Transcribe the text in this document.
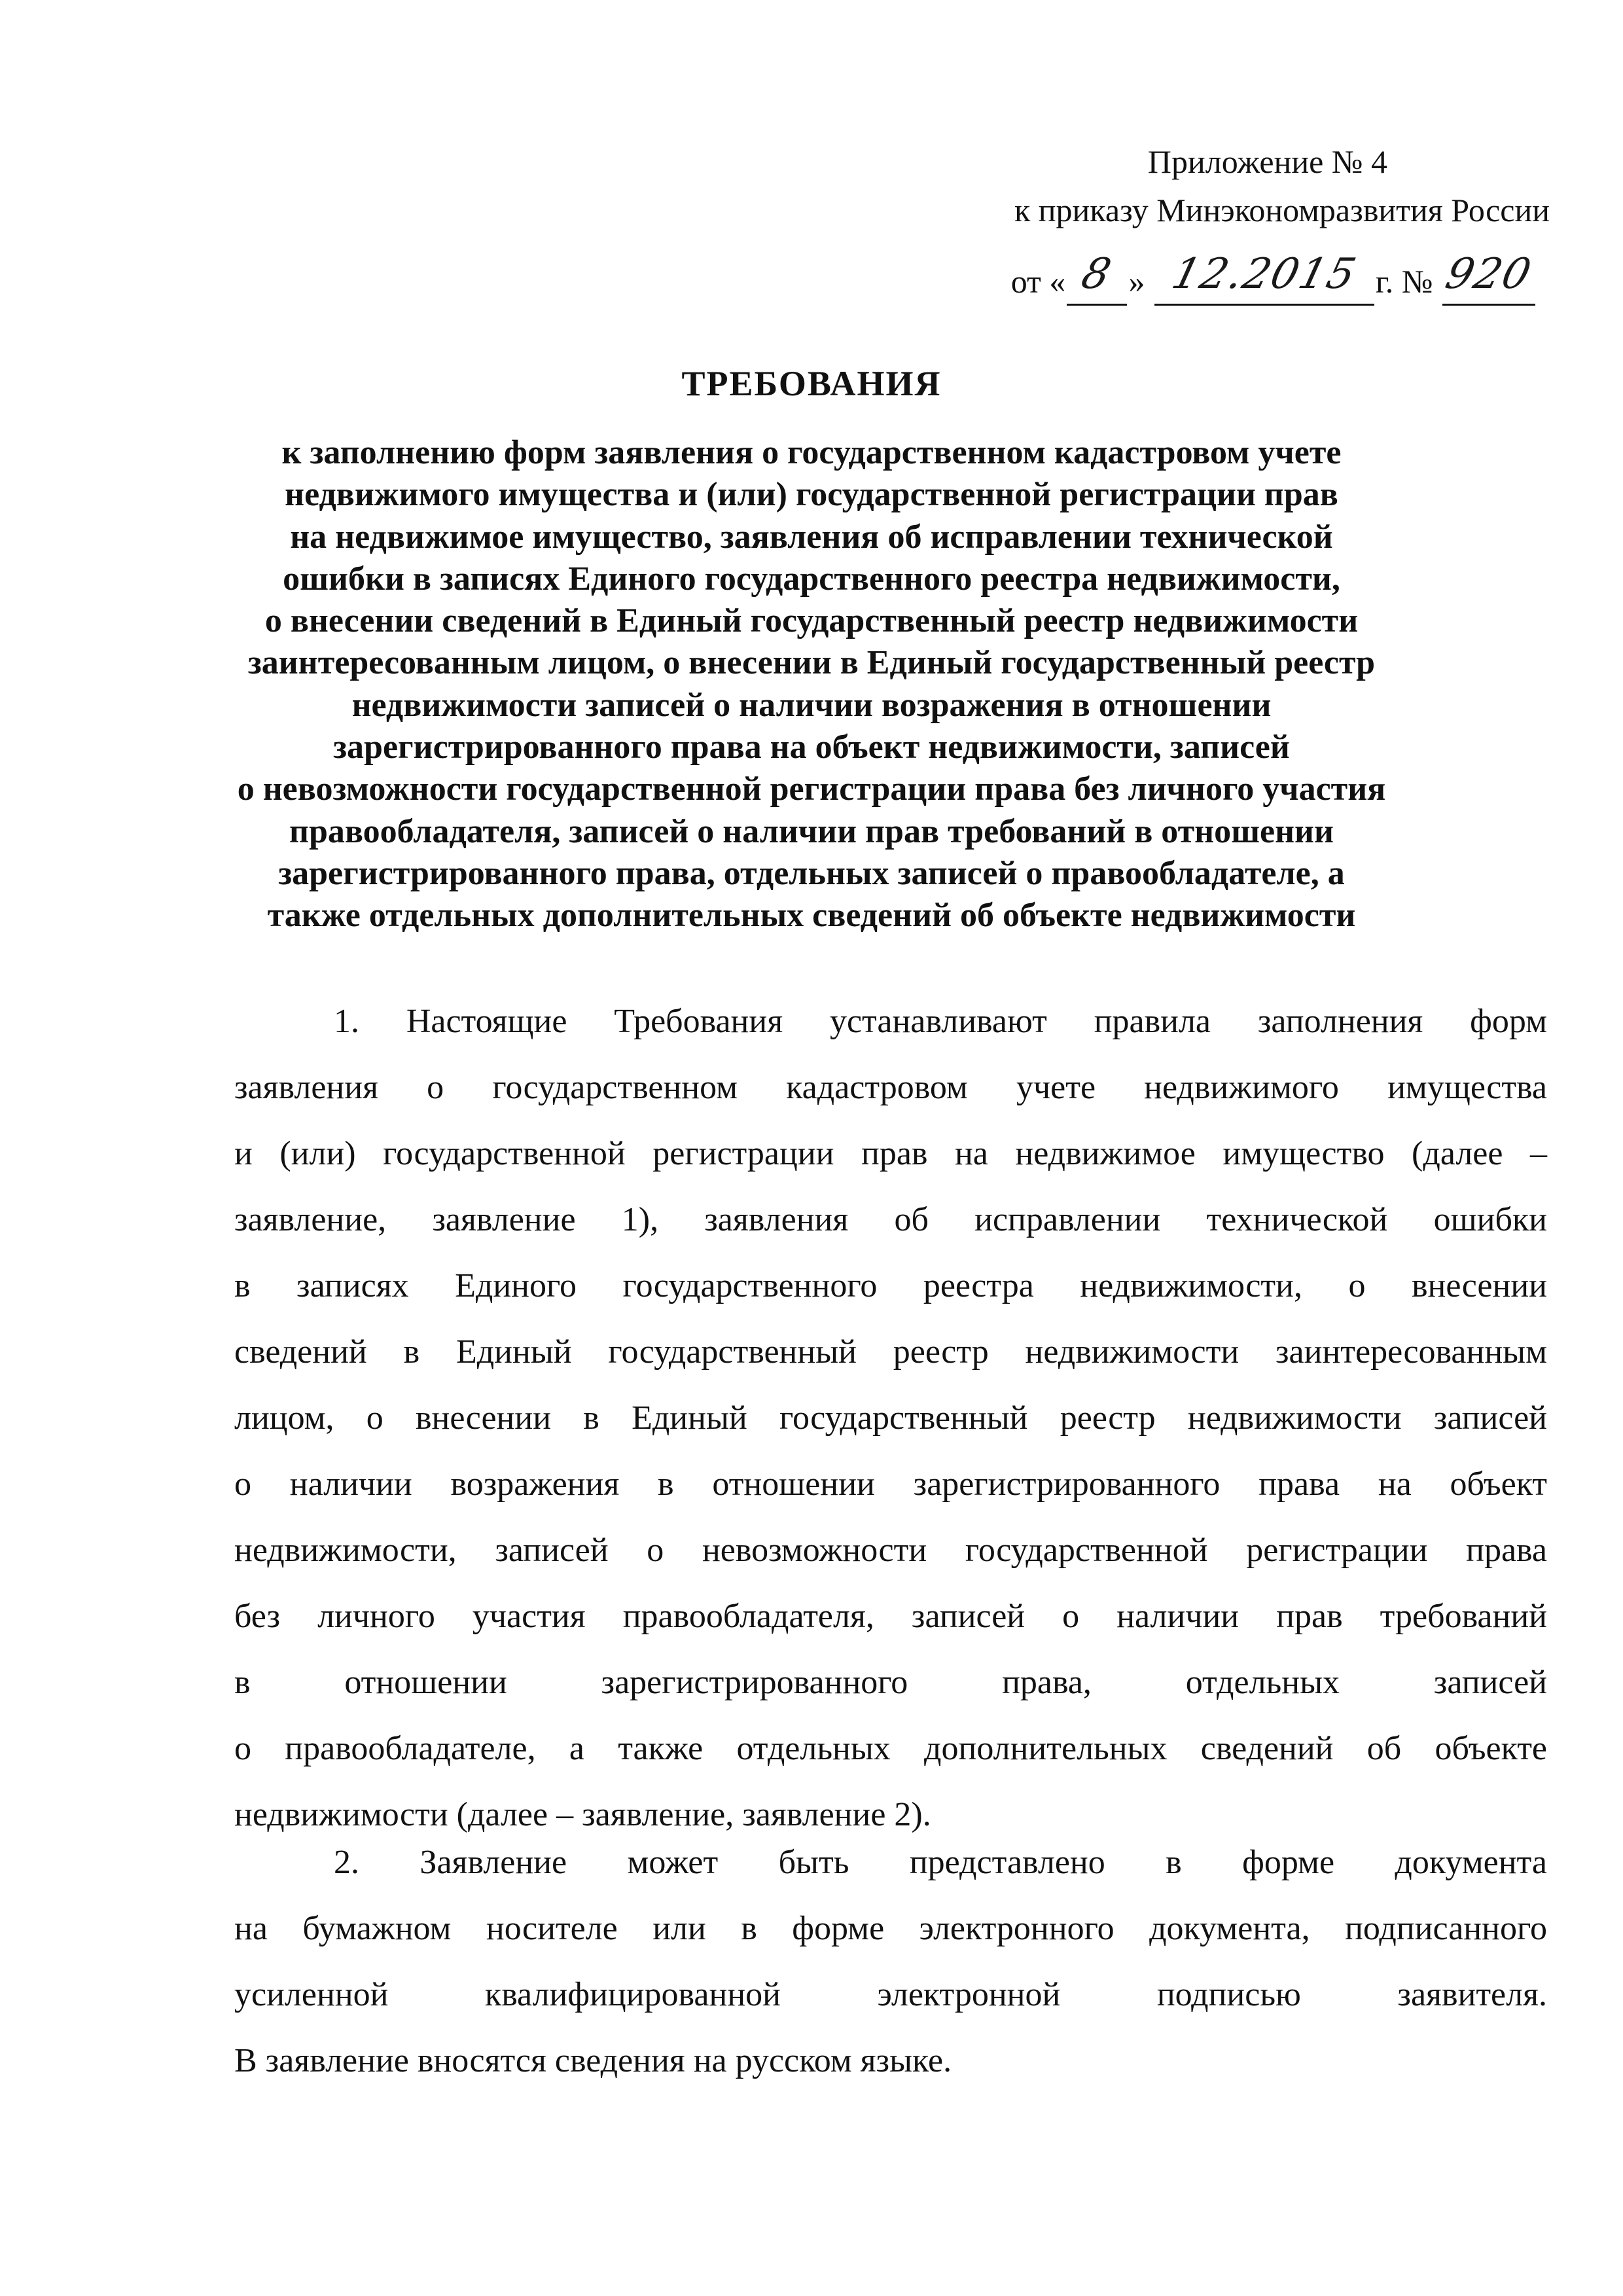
Приложение № 4
к приказу Минэкономразвития России
от « 8 » 12.2015 г. № 920
ТРЕБОВАНИЯ
к заполнению форм заявления о государственном кадастровом учете
недвижимого имущества и (или) государственной регистрации прав
на недвижимое имущество, заявления об исправлении технической
ошибки в записях Единого государственного реестра недвижимости,
о внесении сведений в Единый государственный реестр недвижимости
заинтересованным лицом, о внесении в Единый государственный реестр
недвижимости записей о наличии возражения в отношении
зарегистрированного права на объект недвижимости, записей
о невозможности государственной регистрации права без личного участия
правообладателя, записей о наличии прав требований в отношении
зарегистрированного права, отдельных записей о правообладателе, а
также отдельных дополнительных сведений об объекте недвижимости
1. Настоящие Требования устанавливают правила заполнения форм
заявления о государственном кадастровом учете недвижимого имущества
и (или) государственной регистрации прав на недвижимое имущество (далее –
заявление, заявление 1), заявления об исправлении технической ошибки
в записях Единого государственного реестра недвижимости, о внесении
сведений в Единый государственный реестр недвижимости заинтересованным
лицом, о внесении в Единый государственный реестр недвижимости записей
о наличии возражения в отношении зарегистрированного права на объект
недвижимости, записей о невозможности государственной регистрации права
без личного участия правообладателя, записей о наличии прав требований
в отношении зарегистрированного права, отдельных записей
о правообладателе, а также отдельных дополнительных сведений об объекте
недвижимости (далее – заявление, заявление 2).
2. Заявление может быть представлено в форме документа
на бумажном носителе или в форме электронного документа, подписанного
усиленной квалифицированной электронной подписью заявителя.
В заявление вносятся сведения на русском языке.
